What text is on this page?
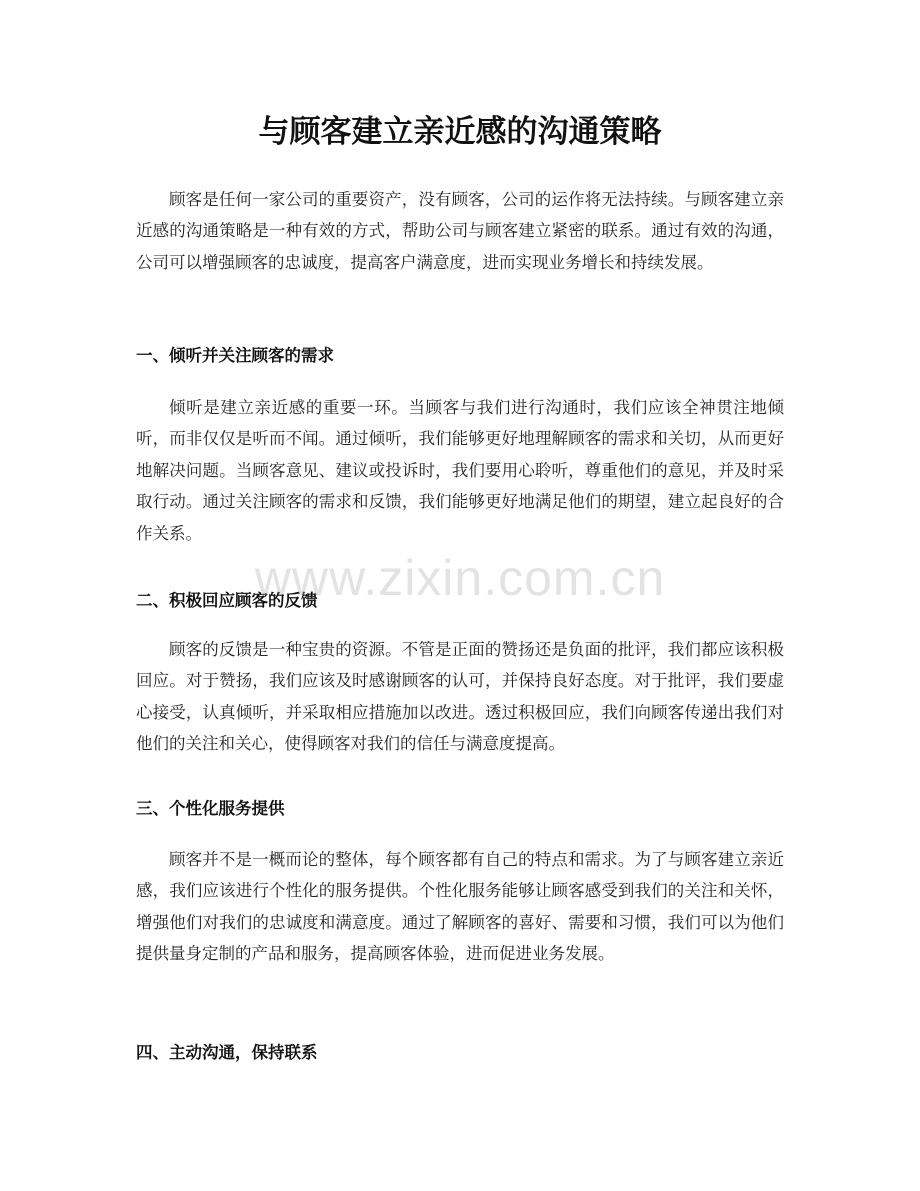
与顾客建立亲近感的沟通策略

顾客是任何一家公司的重要资产，没有顾客，公司的运作将无法持续。与顾客建立亲近感的沟通策略是一种有效的方式，帮助公司与顾客建立紧密的联系。通过有效的沟通，公司可以增强顾客的忠诚度，提高客户满意度，进而实现业务增长和持续发展。

一、倾听并关注顾客的需求

倾听是建立亲近感的重要一环。当顾客与我们进行沟通时，我们应该全神贯注地倾听，而非仅仅是听而不闻。通过倾听，我们能够更好地理解顾客的需求和关切，从而更好地解决问题。当顾客意见、建议或投诉时，我们要用心聆听，尊重他们的意见，并及时采取行动。通过关注顾客的需求和反馈，我们能够更好地满足他们的期望，建立起良好的合作关系。

二、积极回应顾客的反馈

顾客的反馈是一种宝贵的资源。不管是正面的赞扬还是负面的批评，我们都应该积极回应。对于赞扬，我们应该及时感谢顾客的认可，并保持良好态度。对于批评，我们要虚心接受，认真倾听，并采取相应措施加以改进。透过积极回应，我们向顾客传递出我们对他们的关注和关心，使得顾客对我们的信任与满意度提高。

三、个性化服务提供

顾客并不是一概而论的整体，每个顾客都有自己的特点和需求。为了与顾客建立亲近感，我们应该进行个性化的服务提供。个性化服务能够让顾客感受到我们的关注和关怀，增强他们对我们的忠诚度和满意度。通过了解顾客的喜好、需要和习惯，我们可以为他们提供量身定制的产品和服务，提高顾客体验，进而促进业务发展。

四、主动沟通，保持联系
www.zixin.com.cn
